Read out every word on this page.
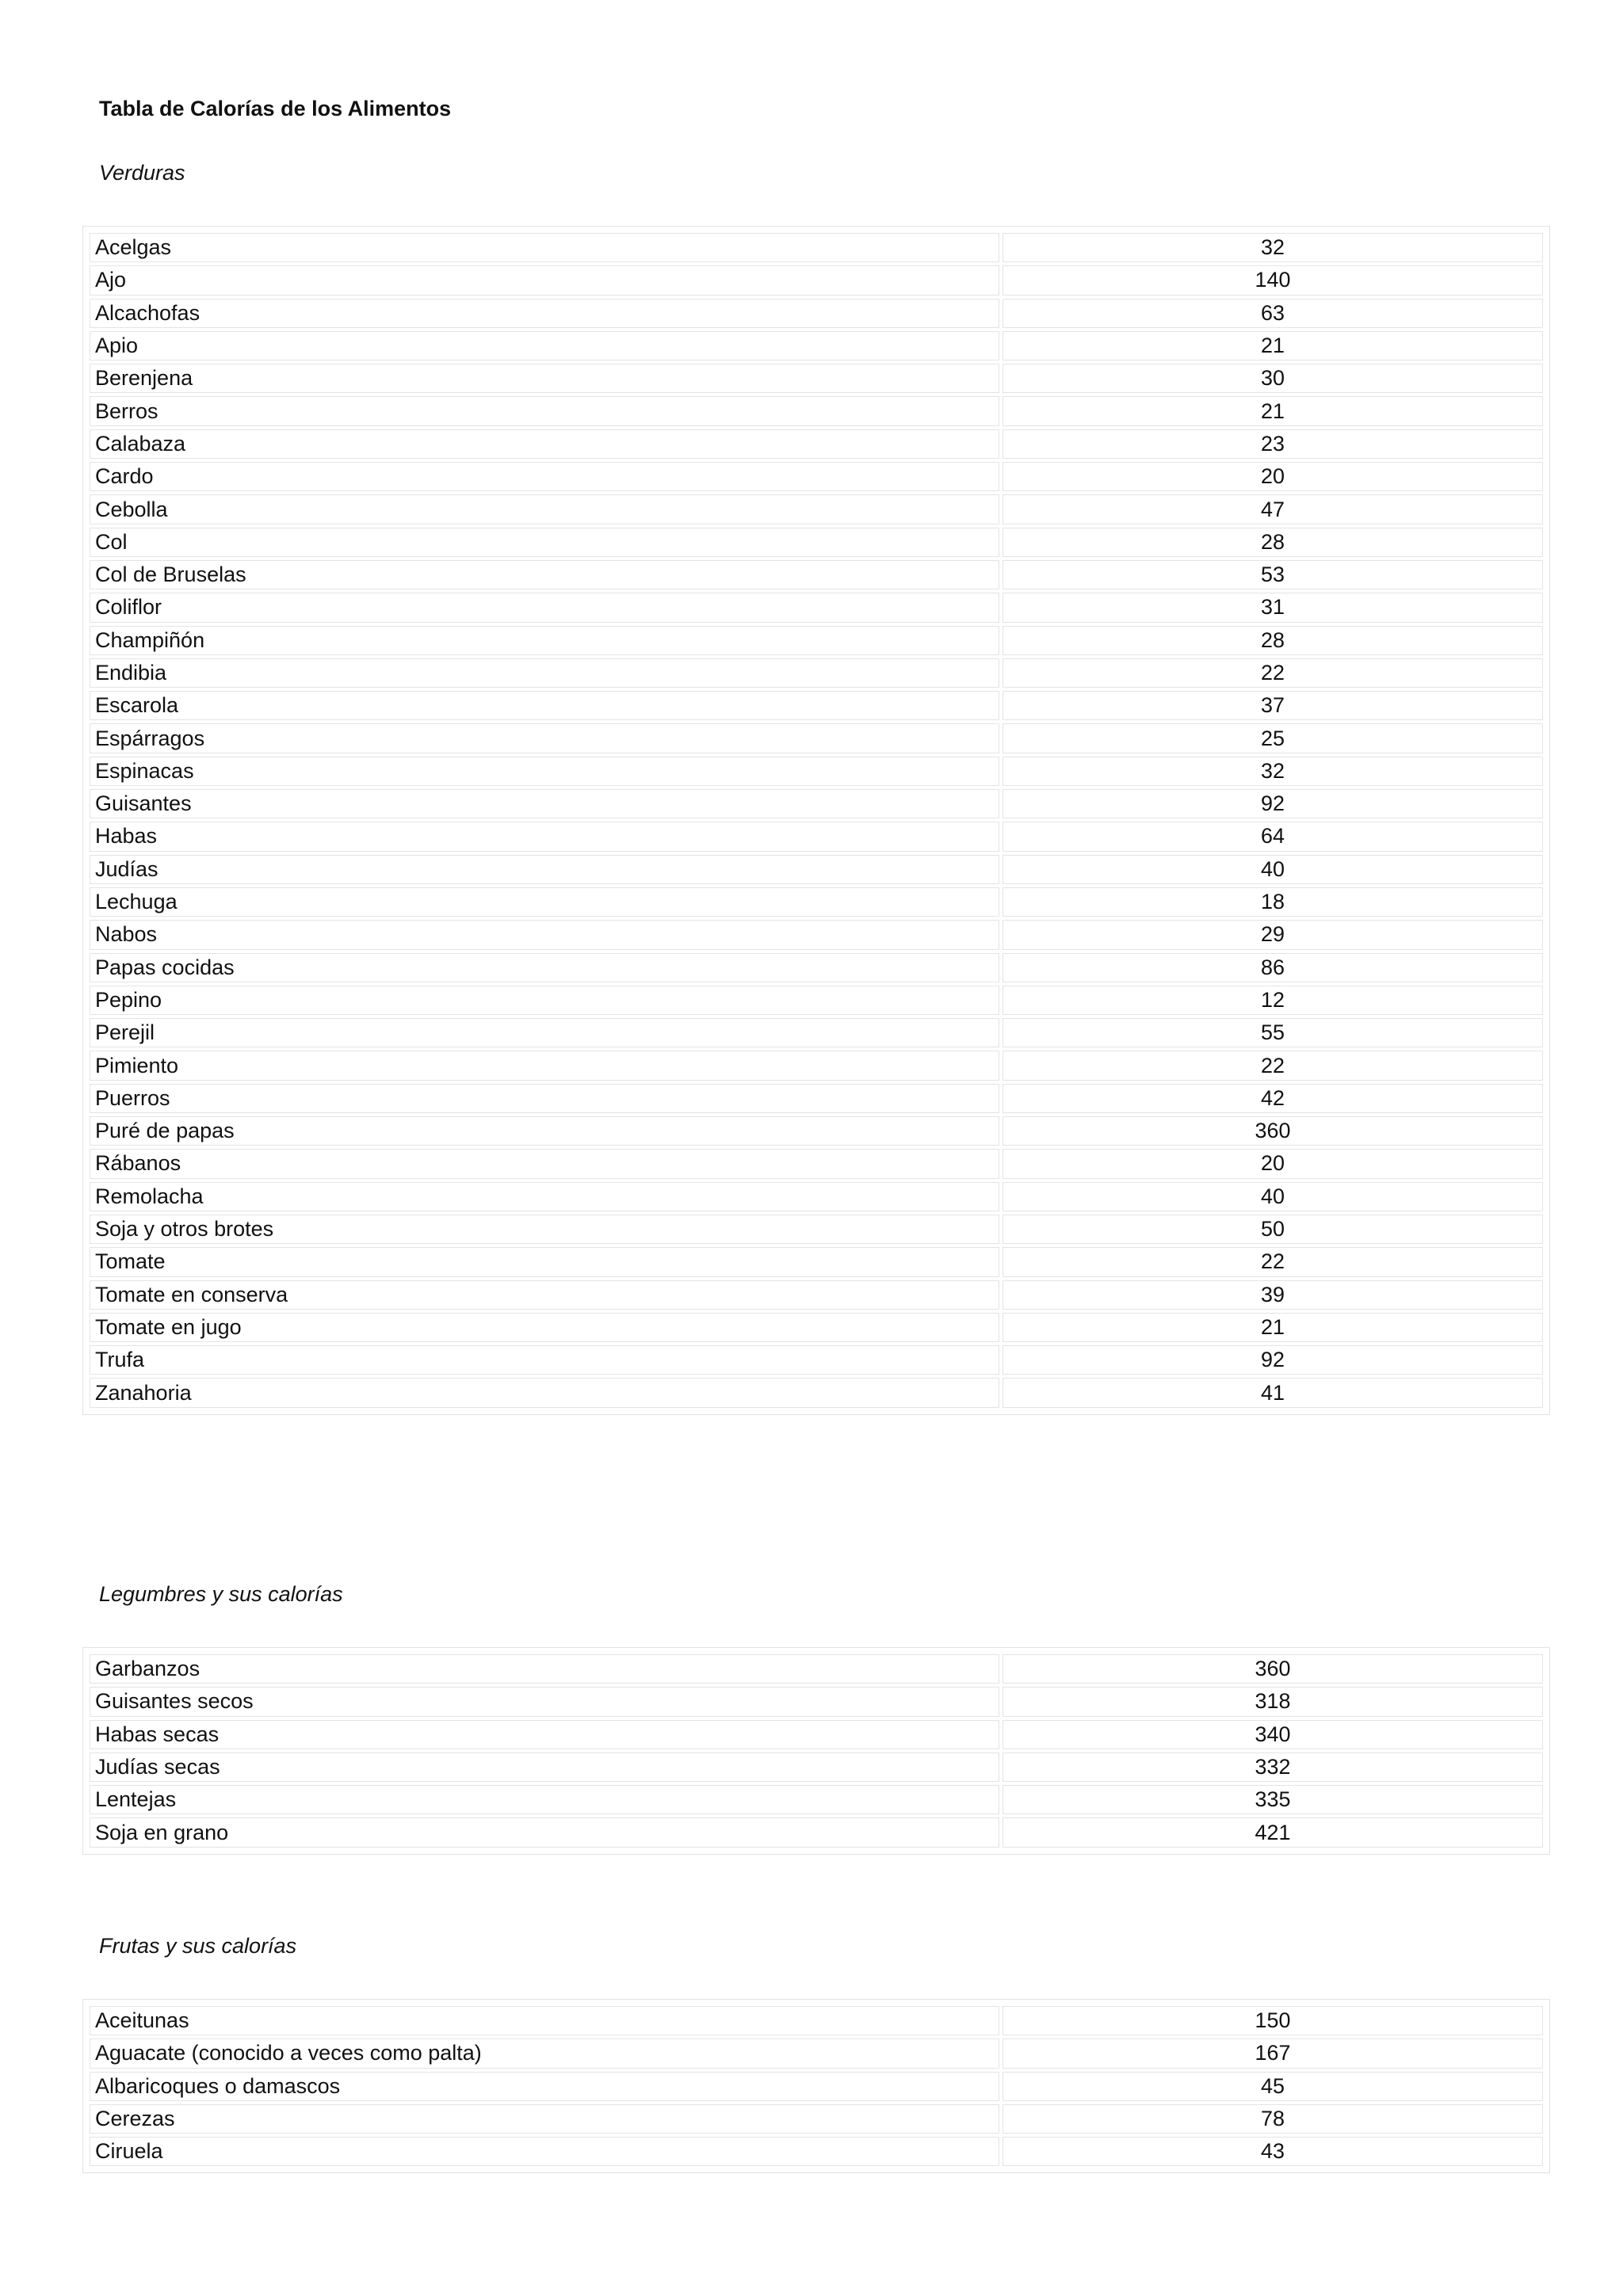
Tabla de Calorías de los Alimentos
Verduras
Acelgas	32
Ajo	140
Alcachofas	63
Apio	21
Berenjena	30
Berros	21
Calabaza	23
Cardo	20
Cebolla	47
Col	28
Col de Bruselas	53
Coliflor	31
Champiñón	28
Endibia	22
Escarola	37
Espárragos	25
Espinacas	32
Guisantes	92
Habas	64
Judías	40
Lechuga	18
Nabos	29
Papas cocidas	86
Pepino	12
Perejil	55
Pimiento	22
Puerros	42
Puré de papas	360
Rábanos	20
Remolacha	40
Soja y otros brotes	50
Tomate	22
Tomate en conserva	39
Tomate en jugo	21
Trufa	92
Zanahoria	41
Legumbres y sus calorías
Garbanzos	360
Guisantes secos	318
Habas secas	340
Judías secas	332
Lentejas	335
Soja en grano	421
Frutas y sus calorías
Aceitunas	150
Aguacate (conocido a veces como palta)	167
Albaricoques o damascos	45
Cerezas	78
Ciruela	43
